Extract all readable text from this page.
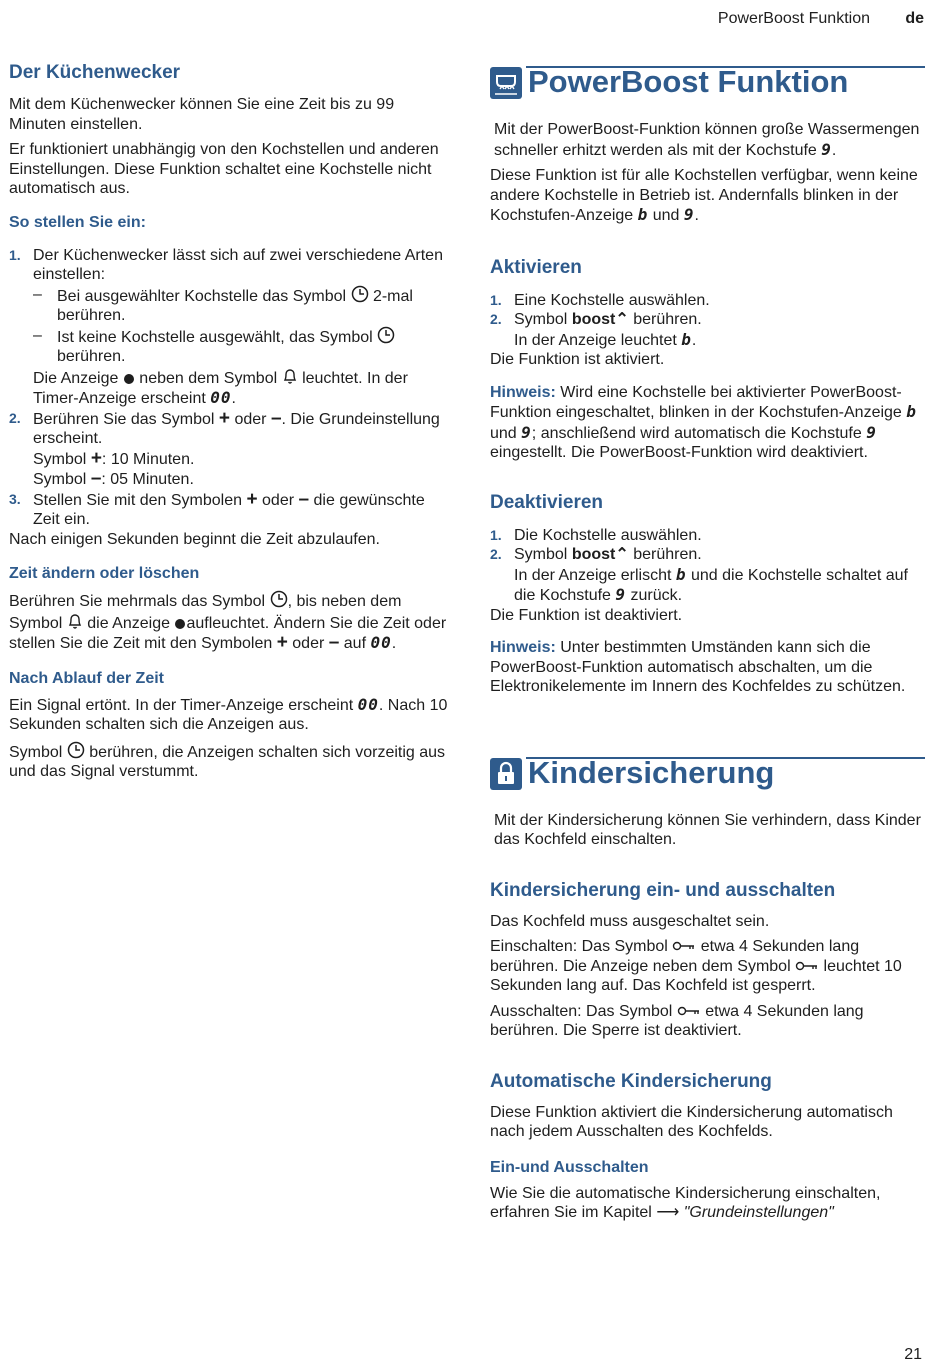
PowerBoost Funktion de
Der Küchenwecker

Mit dem Küchenwecker können Sie eine Zeit bis zu 99 Minuten einstellen.

Er funktioniert unabhängig von den Kochstellen und anderen Einstellungen. Diese Funktion schaltet eine Kochstelle nicht automatisch aus.

So stellen Sie ein:
1. Der Küchenwecker lässt sich auf zwei verschiedene Arten einstellen:
– Bei ausgewählter Kochstelle das Symbol 2-mal berühren.
– Ist keine Kochstelle ausgewählt, das Symbol  berühren.
Die Anzeige neben dem Symbol leuchtet. In der Timer-Anzeige erscheint 00.
2. Berühren Sie das Symbol + oder –. Die Grundeinstellung erscheint.
Symbol +: 10 Minuten.
Symbol –: 05 Minuten.
3. Stellen Sie mit den Symbolen + oder – die gewünschte Zeit ein.

Nach einigen Sekunden beginnt die Zeit abzulaufen.

Zeit ändern oder löschen

Berühren Sie mehrmals das Symbol , bis neben dem Symbol die Anzeige aufleuchtet. Ändern Sie die Zeit oder stellen Sie die Zeit mit den Symbolen + oder – auf 00.

Nach Ablauf der Zeit

Ein Signal ertönt. In der Timer-Anzeige erscheint 00. Nach 10 Sekunden schalten sich die Anzeigen aus.

Symbol berühren, die Anzeigen schalten sich vorzeitig aus und das Signal verstummt.

PowerBoost Funktion

Mit der PowerBoost-Funktion können große Wassermengen schneller erhitzt werden als mit der Kochstufe 9.

Diese Funktion ist für alle Kochstellen verfügbar, wenn keine andere Kochstelle in Betrieb ist. Andernfalls blinken in der Kochstufen-Anzeige b und 9.

Aktivieren
1. Eine Kochstelle auswählen.
2. Symbol boost⌃ berühren.
In der Anzeige leuchtet b.

Die Funktion ist aktiviert.

Hinweis: Wird eine Kochstelle bei aktivierter PowerBoost-Funktion eingeschaltet, blinken in der Kochstufen-Anzeige b und 9; anschließend wird automatisch die Kochstufe 9 eingestellt. Die PowerBoost-Funktion wird deaktiviert.

Deaktivieren
1. Die Kochstelle auswählen.
2. Symbol boost⌃ berühren.
In der Anzeige erlischt b und die Kochstelle schaltet auf die Kochstufe 9 zurück.

Die Funktion ist deaktiviert.

Hinweis: Unter bestimmten Umständen kann sich die PowerBoost-Funktion automatisch abschalten, um die Elektronikelemente im Innern des Kochfeldes zu schützen.

Kindersicherung

Mit der Kindersicherung können Sie verhindern, dass Kinder das Kochfeld einschalten.

Kindersicherung ein- und ausschalten

Das Kochfeld muss ausgeschaltet sein.

Einschalten: Das Symbol etwa 4 Sekunden lang berühren. Die Anzeige neben dem Symbol leuchtet 10 Sekunden lang auf. Das Kochfeld ist gesperrt.

Ausschalten: Das Symbol etwa 4 Sekunden lang berühren. Die Sperre ist deaktiviert.

Automatische Kindersicherung

Diese Funktion aktiviert die Kindersicherung automatisch nach jedem Ausschalten des Kochfelds.

Ein-und Ausschalten

Wie Sie die automatische Kindersicherung einschalten, erfahren Sie im Kapitel ⟶ "Grundeinstellungen"

21
